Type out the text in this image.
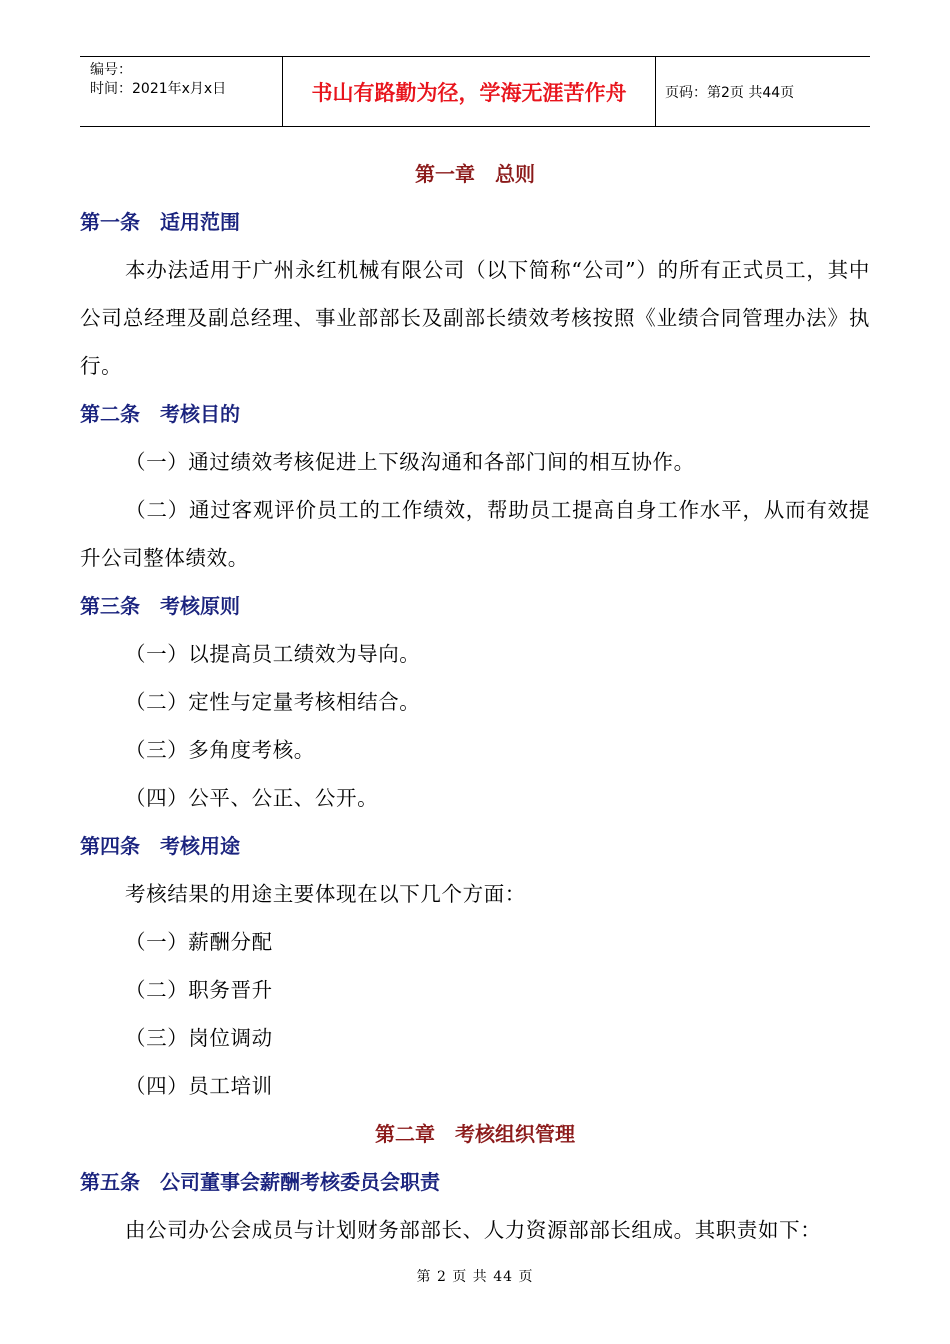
编号：
时间：2021年x月x日	书山有路勤为径，学海无涯苦作舟	页码：第2页 共44页
第一章　总则
第一条　适用范围
本办法适用于广州永红机械有限公司（以下简称“公司”）的所有正式员工，其中公司总经理及副总经理、事业部部长及副部长绩效考核按照《业绩合同管理办法》执行。
第二条　考核目的
（一）通过绩效考核促进上下级沟通和各部门间的相互协作。
（二）通过客观评价员工的工作绩效，帮助员工提高自身工作水平，从而有效提升公司整体绩效。
第三条　考核原则
（一）以提高员工绩效为导向。
（二）定性与定量考核相结合。
（三）多角度考核。
（四）公平、公正、公开。
第四条　考核用途
考核结果的用途主要体现在以下几个方面：
（一）薪酬分配
（二）职务晋升
（三）岗位调动
（四）员工培训
第二章　考核组织管理
第五条　公司董事会薪酬考核委员会职责
由公司办公会成员与计划财务部部长、人力资源部部长组成。其职责如下：
第 2 页 共 44 页
